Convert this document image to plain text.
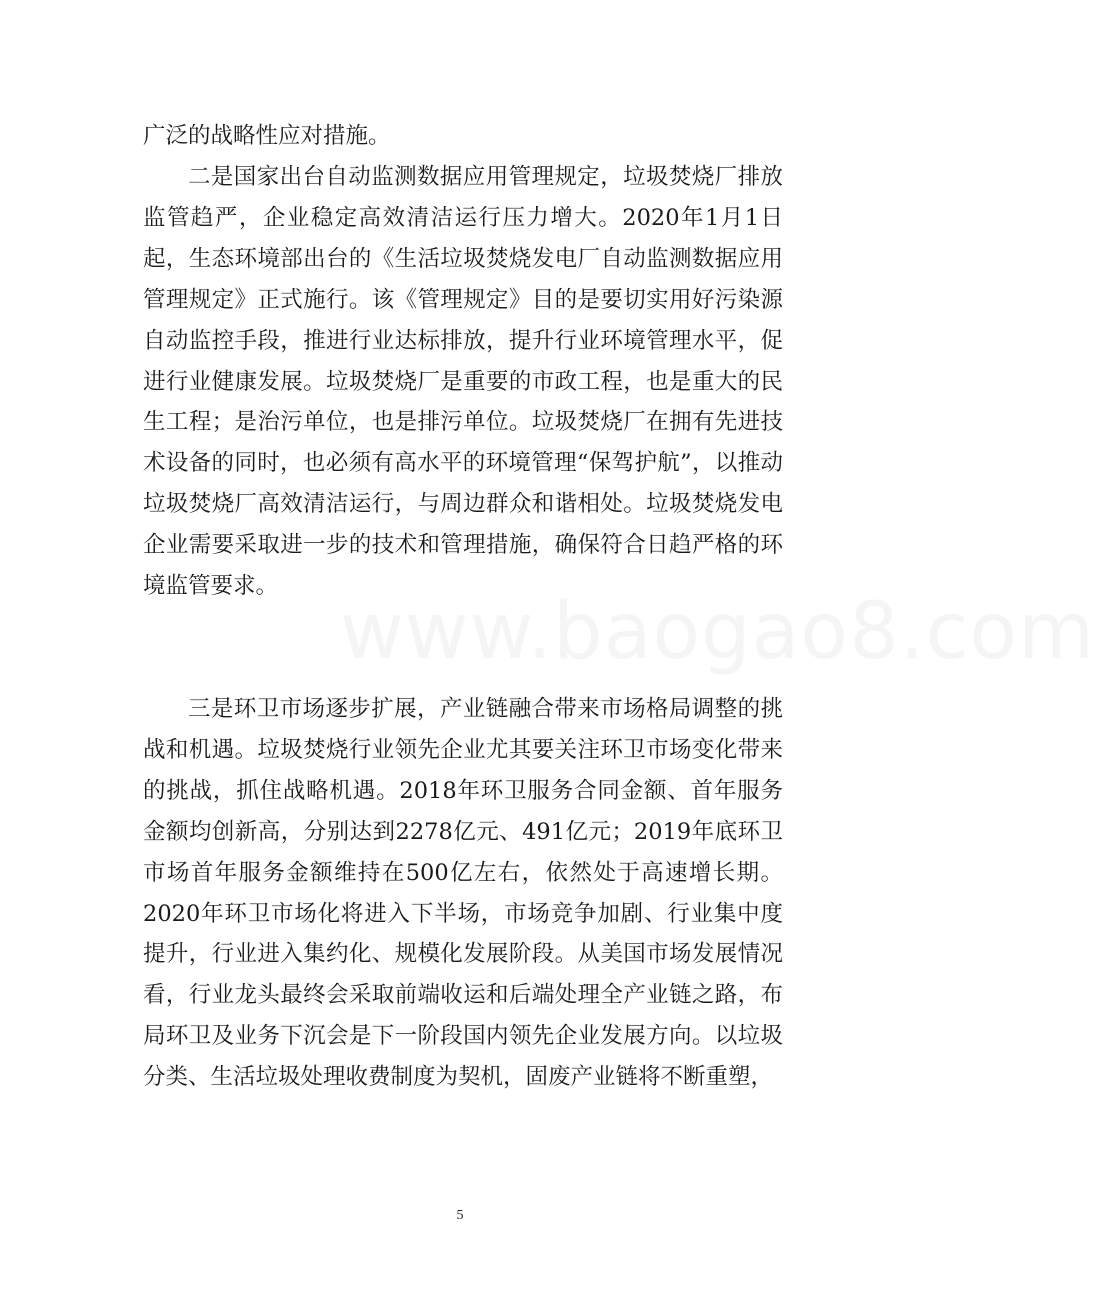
www.baogao8.com

广泛的战略性应对措施。

二是国家出台自动监测数据应用管理规定，垃圾焚烧厂排放监管趋严，企业稳定高效清洁运行压力增大。2020年1月1日起，生态环境部出台的《生活垃圾焚烧发电厂自动监测数据应用管理规定》正式施行。该《管理规定》目的是要切实用好污染源自动监控手段，推进行业达标排放，提升行业环境管理水平，促进行业健康发展。垃圾焚烧厂是重要的市政工程，也是重大的民生工程；是治污单位，也是排污单位。垃圾焚烧厂在拥有先进技术设备的同时，也必须有高水平的环境管理“保驾护航”，以推动垃圾焚烧厂高效清洁运行，与周边群众和谐相处。垃圾焚烧发电企业需要采取进一步的技术和管理措施，确保符合日趋严格的环境监管要求。

三是环卫市场逐步扩展，产业链融合带来市场格局调整的挑战和机遇。垃圾焚烧行业领先企业尤其要关注环卫市场变化带来的挑战，抓住战略机遇。2018年环卫服务合同金额、首年服务金额均创新高，分别达到2278亿元、491亿元；2019年底环卫市场首年服务金额维持在500亿左右，依然处于高速增长期。2020年环卫市场化将进入下半场，市场竞争加剧、行业集中度提升，行业进入集约化、规模化发展阶段。从美国市场发展情况看，行业龙头最终会采取前端收运和后端处理全产业链之路，布局环卫及业务下沉会是下一阶段国内领先企业发展方向。以垃圾分类、生活垃圾处理收费制度为契机，固废产业链将不断重塑，

5
